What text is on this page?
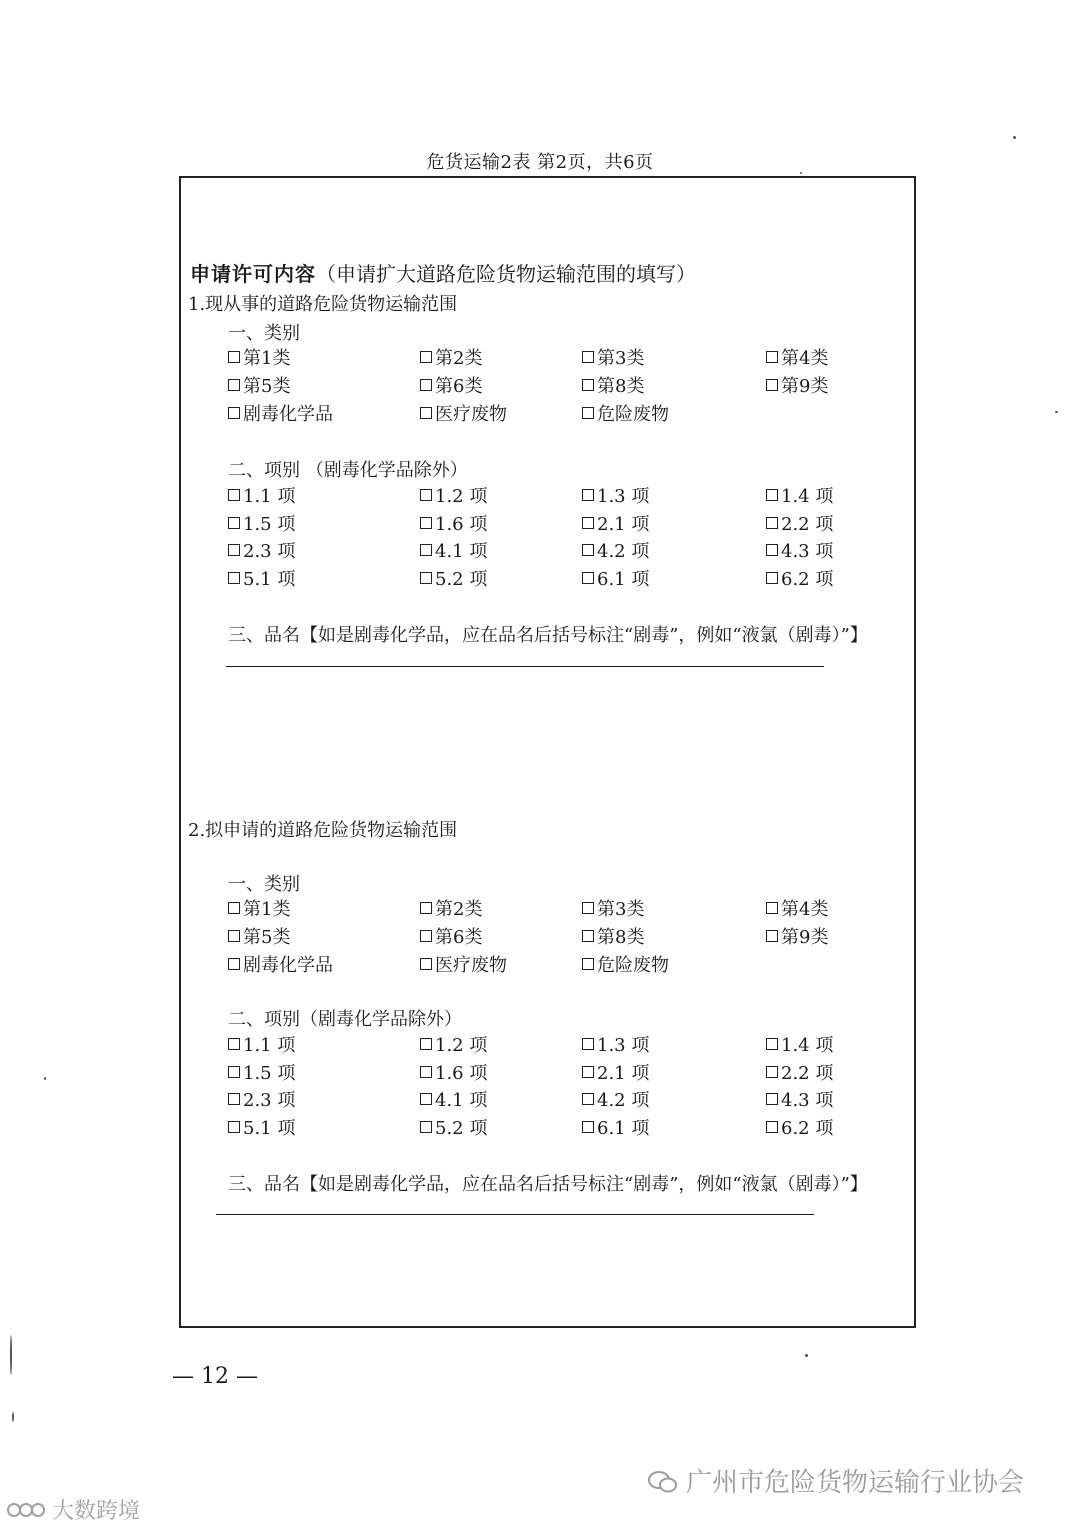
危货运输2表 第2页，共6页
申请许可内容（申请扩大道路危险货物运输范围的填写）
1.现从事的道路危险货物运输范围
一、类别
第1类	第2类	第3类	第4类
第5类	第6类	第8类	第9类
剧毒化学品	医疗废物	危险废物
二、项别 （剧毒化学品除外）
1.1 项	1.2 项	1.3 项	1.4 项
1.5 项	1.6 项	2.1 项	2.2 项
2.3 项	4.1 项	4.2 项	4.3 项
5.1 项	5.2 项	6.1 项	6.2 项
三、品名【如是剧毒化学品，应在品名后括号标注“剧毒”，例如“液氯（剧毒）”】
2.拟申请的道路危险货物运输范围
一、类别
第1类	第2类	第3类	第4类
第5类	第6类	第8类	第9类
剧毒化学品	医疗废物	危险废物
二、项别（剧毒化学品除外）
1.1 项	1.2 项	1.3 项	1.4 项
1.5 项	1.6 项	2.1 项	2.2 项
2.3 项	4.1 项	4.2 项	4.3 项
5.1 项	5.2 项	6.1 项	6.2 项
三、品名【如是剧毒化学品，应在品名后括号标注“剧毒”，例如“液氯（剧毒）”】
— 12 —
广州市危险货物运输行业协会
大数跨境
